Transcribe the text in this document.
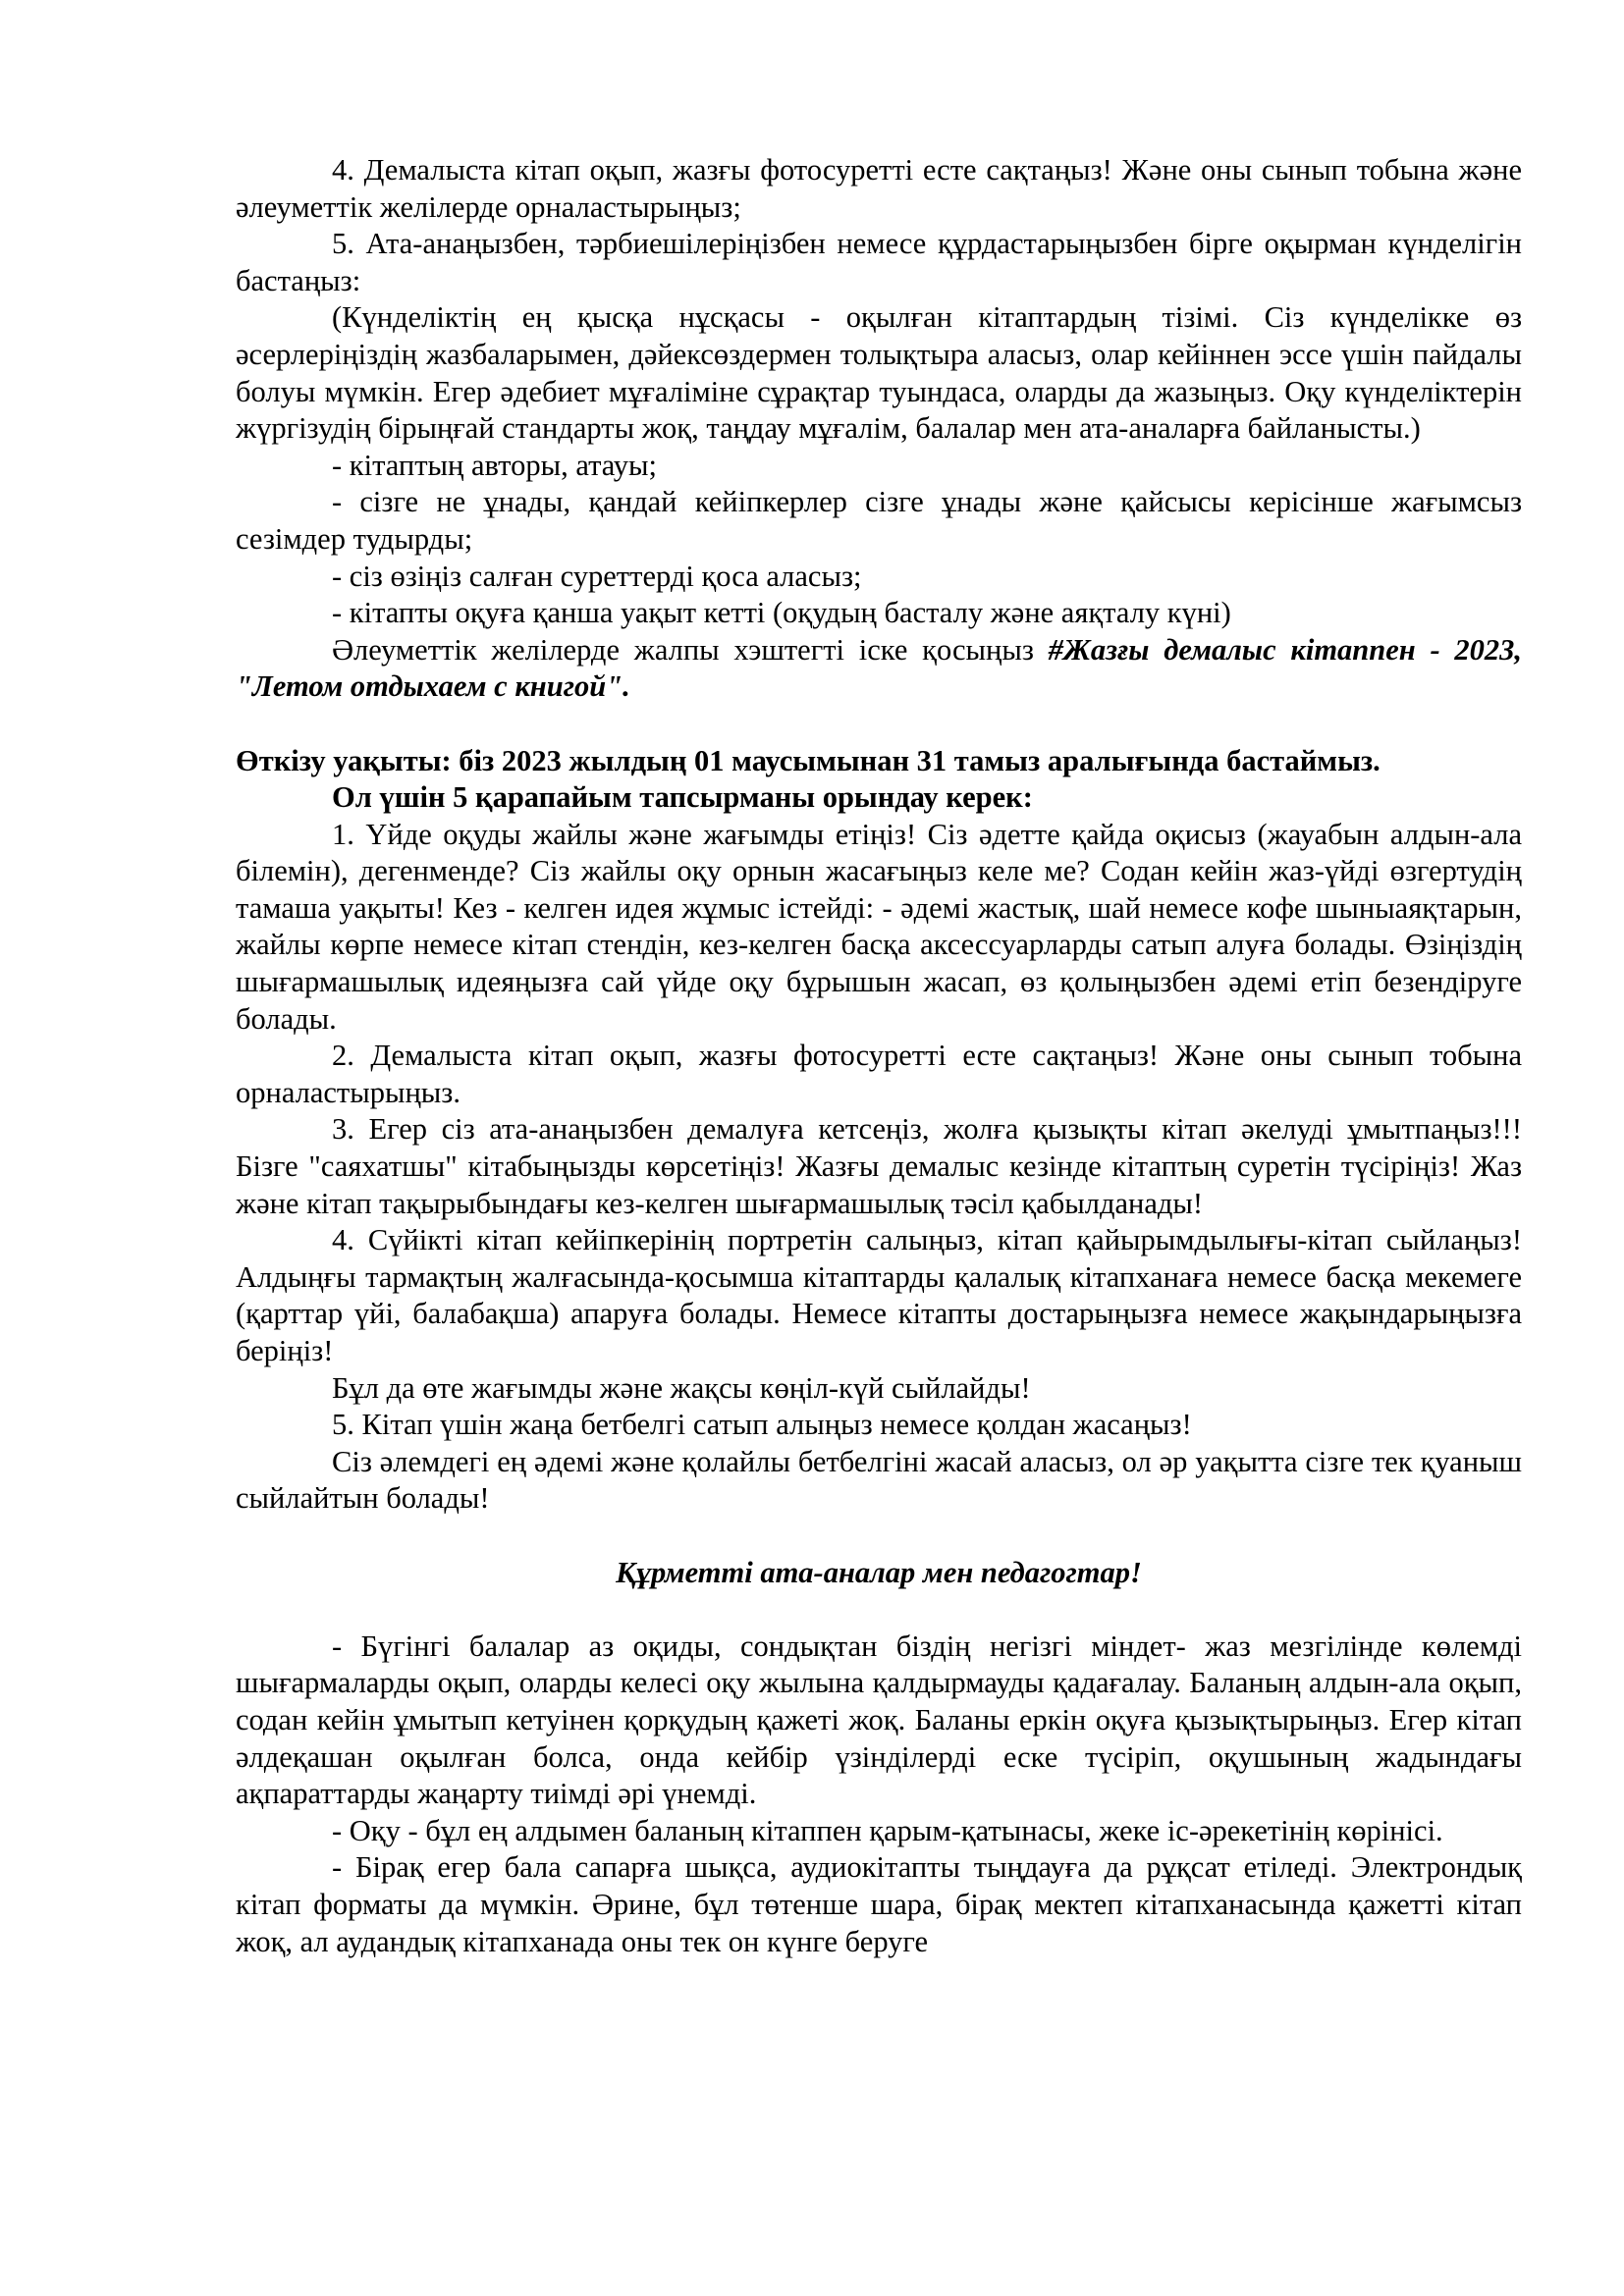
4. Демалыста кітап оқып, жазғы фотосуретті есте сақтаңыз! Және оны сынып тобына және әлеуметтік желілерде орналастырыңыз;

5. Ата-анаңызбен, тәрбиешілеріңізбен немесе құрдастарыңызбен бірге оқырман күнделігін бастаңыз:

(Күнделіктің ең қысқа нұсқасы - оқылған кітаптардың тізімі. Сіз күнделікке өз әсерлеріңіздің жазбаларымен, дәйексөздермен толықтыра аласыз, олар кейіннен эссе үшін пайдалы болуы мүмкін. Егер әдебиет мұғаліміне сұрақтар туындаса, оларды да жазыңыз. Оқу күнделіктерін жүргізудің бірыңғай стандарты жоқ, таңдау мұғалім, балалар мен ата-аналарға байланысты.)

- кітаптың авторы, атауы;

- сізге не ұнады, қандай кейіпкерлер сізге ұнады және қайсысы керісінше жағымсыз сезімдер тудырды;

- сіз өзіңіз салған суреттерді қоса аласыз;

- кітапты оқуға қанша уақыт кетті (оқудың басталу және аяқталу күні)

Әлеуметтік желілерде жалпы хэштегті іске қосыңыз #Жазғы демалыс кітаппен - 2023, "Летом отдыхаем с книгой".

Өткізу уақыты: біз 2023 жылдың 01 маусымынан 31 тамыз аралығында бастаймыз.

Ол үшін 5 қарапайым тапсырманы орындау керек:

1. Үйде оқуды жайлы және жағымды етіңіз! Сіз әдетте қайда оқисыз (жауабын алдын-ала білемін), дегенмендe? Сіз жайлы оқу орнын жасағыңыз келе ме? Содан кейін жаз-үйді өзгертудің тамаша уақыты! Кез - келген идея жұмыс істейді: - әдемі жастық, шай немесе кофе шыныаяқтарын, жайлы көрпе немесе кітап стендін, кез-келген басқа аксессуарларды сатып алуға болады. Өзіңіздің шығармашылық идеяңызға сай үйде оқу бұрышын жасап, өз қолыңызбен әдемі етіп безендіруге болады.

2. Демалыста кітап оқып, жазғы фотосуретті есте сақтаңыз! Және оны сынып тобына орналастырыңыз.

3. Егер сіз ата-анаңызбен демалуға кетсеңіз, жолға қызықты кітап әкелуді ұмытпаңыз!!! Бізге "саяхатшы" кітабыңызды көрсетіңіз! Жазғы демалыс кезінде кітаптың суретін түсіріңіз! Жаз және кітап тақырыбындағы кез-келген шығармашылық тәсіл қабылданады!

4. Сүйікті кітап кейіпкерінің портретін салыңыз, кітап қайырымдылығы-кітап сыйлаңыз! Алдыңғы тармақтың жалғасында-қосымша кітаптарды қалалық кітапханаға немесе басқа мекемеге (қарттар үйі, балабақша) апаруға болады. Немесе кітапты достарыңызға немесе жақындарыңызға беріңіз!

Бұл да өте жағымды және жақсы көңіл-күй сыйлайды!

5. Кітап үшін жаңа бетбелгі сатып алыңыз немесе қолдан жасаңыз!

Сіз әлемдегі ең әдемі және қолайлы бетбелгіні жасай аласыз, ол әр уақытта сізге тек қуаныш сыйлайтын болады!

Құрметті ата-аналар мен педагогтар!

- Бүгінгі балалар аз оқиды, сондықтан біздің негізгі міндет- жаз мезгілінде көлемді шығармаларды оқып, оларды келесі оқу жылына қалдырмауды қадағалау. Баланың алдын-ала оқып, содан кейін ұмытып кетуінен қорқудың қажеті жоқ. Баланы еркін оқуға қызықтырыңыз. Егер кітап әлдеқашан оқылған болса, онда кейбір үзінділерді еске түсіріп, оқушының жадындағы ақпараттарды жаңарту тиімді әрі үнемді.

- Оқу - бұл ең алдымен баланың кітаппен қарым-қатынасы, жеке іс-әрекетінің көрінісі.

- Бірақ егер бала сапарға шықса, аудиокітапты тыңдауға да рұқсат етіледі. Электрондық кітап форматы да мүмкін. Әрине, бұл төтенше шара, бірақ мектеп кітапханасында қажетті кітап жоқ, ал аудандық кітапханада оны тек он күнге беруге
